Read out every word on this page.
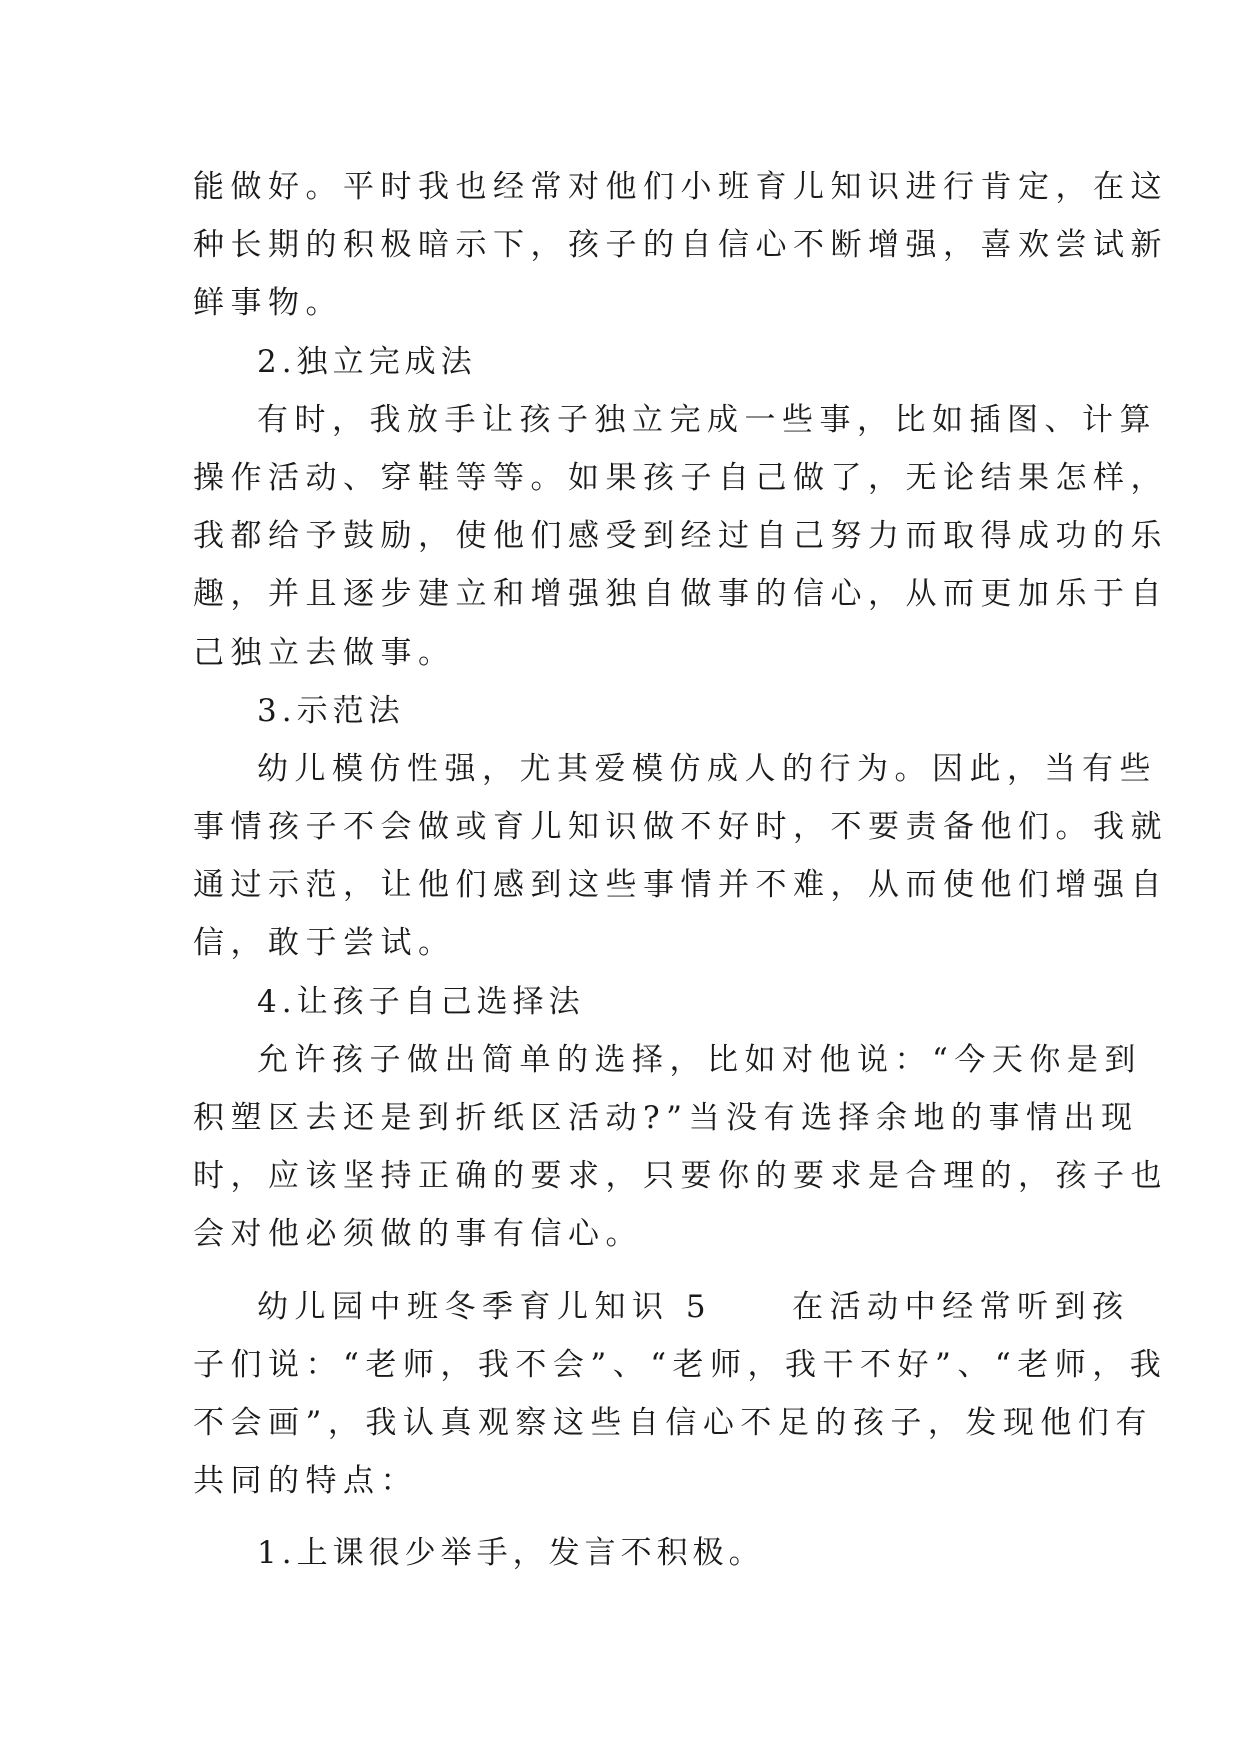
能做好。平时我也经常对他们小班育儿知识进行肯定，在这
种长期的积极暗示下，孩子的自信心不断增强，喜欢尝试新
鲜事物。
2.独立完成法
有时，我放手让孩子独立完成一些事，比如插图、计算
操作活动、穿鞋等等。如果孩子自己做了，无论结果怎样，
我都给予鼓励，使他们感受到经过自己努力而取得成功的乐
趣，并且逐步建立和增强独自做事的信心，从而更加乐于自
己独立去做事。
3.示范法
幼儿模仿性强，尤其爱模仿成人的行为。因此，当有些
事情孩子不会做或育儿知识做不好时，不要责备他们。我就
通过示范，让他们感到这些事情并不难，从而使他们增强自
信，敢于尝试。
4.让孩子自己选择法
允许孩子做出简单的选择，比如对他说：“今天你是到
积塑区去还是到折纸区活动?”当没有选择余地的事情出现
时，应该坚持正确的要求，只要你的要求是合理的，孩子也
会对他必须做的事有信心。
幼儿园中班冬季育儿知识 5	在活动中经常听到孩
子们说：“老师，我不会”、“老师，我干不好”、“老师，我
不会画”，我认真观察这些自信心不足的孩子，发现他们有
共同的特点：
1.上课很少举手，发言不积极。
